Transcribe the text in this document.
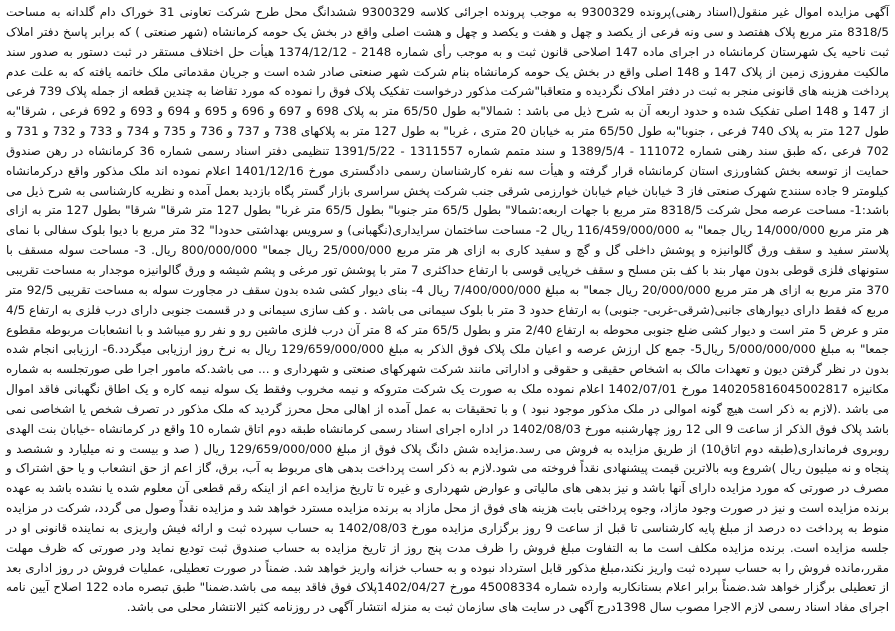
آگهی مزایده اموال غیر منقول(اسناد رهنی)پرونده 9300329 به موجب پرونده اجرائی کلاسه 9300329 ششدانگ محل طرح شرکت تعاونی 31 خوراک دام گلدانه به مساحت 8318/5 متر مربع پلاک هفتصد و سی ونه فرعی از یکصد و چهل و هفت و یکصد و چهل و هشت اصلی واقع در بخش یک حومه کرمانشاه (شهر صنعتی ) که برابر پاسخ دفتر املاک ثبت ناحیه یک شهرستان کرمانشاه در اجرای ماده 147 اصلاحی قانون ثبت و به موجب رأی شماره 2148 - 1374/12/12 هیأت حل اختلاف مستقر در ثبت دستور به صدور سند مالکیت مفروزی زمین از پلاک 147 و 148 اصلی واقع در بخش یک حومه کرمانشاه بنام شرکت شهر صنعتی صادر شده است و جریان مقدماتی ملک خاتمه یافته که به علت عدم پرداخت هزینه های قانونی منجر به ثبت در دفتر املاک نگردیده و متعاقبا"شرکت مذکور درخواست تفکیک پلاک فوق را نموده که مورد تقاضا به چندین قطعه از جمله پلاک 739 فرعی از 147 و 148 اصلی تفکیک شده و حدود اربعه آن به شرح ذیل می باشد : شمالا"به طول 65/50 متر به پلاک 698 و 697 و 696 و 695 و 694 و 693 و 692 فرعی ، شرقا"به طول 127 متر به پلاک 740 فرعی ، جنوبا"به طول 65/50 متر به خیابان 20 متری ، غربا" به طول 127 متر به پلاکهای 738 و 737 و 736 و 735 و 734 و 733 و 732 و 731 و 702 فرعی ،که طبق سند رهنی شماره 111072 - 1389/5/4 و سند متمم شماره 1311557 - 1391/5/22 تنظیمی دفتر اسناد رسمی شماره 36 کرمانشاه در رهن صندوق حمایت از توسعه بخش کشاورزی استان کرمانشاه قرار گرفته و هیأت سه نفره کارشناسان رسمی دادگستری مورخ 1401/12/16 اعلام نموده اند ملک مذکور واقع درکرمانشاه کیلومتر 9 جاده سنندج شهرک صنعتی فاز 3 خیابان خیام خیابان خوارزمی شرقی جنب شرکت پخش سراسری بازار گستر پگاه بازدید بعمل آمده و نظریه کارشناسی به شرح ذیل می باشد:1- مساحت عرصه محل شرکت 8318/5 متر مربع با جهات اربعه:شمالا" بطول 65/5 متر جنوبا" بطول 65/5 متر غربا" بطول 127 متر شرقا" شرقا" بطول 127 متر به ازای هر متر مربع 14/000/000 ریال جمعا" به 116/459/000/000 ریال 2- مساحت ساختمان سرایداری(نگهبانی) و سرویس بهداشتی حدودا" 32 متر مربع با دیوا بلوک سفالی با نمای پلاستر سفید و سقف ورق گالوانیزه و پوشش داخلی گل و گچ و سفید کاری به ازای هر متر مربع 25/000/000 ریال جمعا" 800/000/000 ریال. 3- مساحت سوله مسقف با ستونهای فلزی قوطی بدون مهار بند با کف بتن مسلح و سقف خرپایی قوسی با ارتفاع حداکثری 7 متر با پوشش تور مرغی و پشم شیشه و ورق گالوانیزه موجدار به مساحت تقریبی 370 متر مربع به ازای هر متر مربع 20/000/000 ریال جمعا" به مبلغ 7/400/000/000 ریال 4- بنای دیوار کشی شده بدون سقف در مجاورت سوله به مساحت تقریبی 92/5 متر مربع که فقط دارای دیوارهای جانبی(شرقی-غربی- جنوبی) به ارتفاع حدود 3 متر با بلوک سیمانی می باشد . و کف سازی سیمانی و در قسمت جنوبی دارای درب فلزی به ارتفاع 4/5 متر و عرض 5 متر است و دیوار کشی ضلع جنوبی محوطه به ارتفاع 2/40 متر و بطول 65/5 متر که 8 متر آن درب فلزی ماشین رو و نفر رو میباشد و با انشعابات مربوطه مقطوع جمعا" به مبلغ 5/000/000/000 ریال5- جمع کل ارزش عرصه و اعیان ملک پلاک فوق الذکر به مبلغ 129/659/000/000 ریال به نرخ روز ارزیابی میگردد.6- ارزیابی انجام شده بدون در نظر گرفتن دیون و تعهدات مالک به اشخاص حقیقی و حقوقی و اداراتی مانند شرکت شهرکهای صنعتی و شهرداری و ... می باشد.که مامور اجرا طی صورتجلسه به شماره مکانیزه 140205816045002817 مورخ 1402/07/01 اعلام نموده ملک به صورت یک شرکت متروکه و نیمه مخروب وفقط یک سوله نیمه کاره و یک اطاق نگهبانی فاقد اموال می باشد .(لازم به ذکر است هیچ گونه اموالی در ملک مذکور موجود نبود ) و با تحقیقات به عمل آمده از اهالی محل محرز گردید که ملک مذکور در تصرف شخص یا اشخاصی نمی باشد پلاک فوق الذکر از ساعت 9 الی 12 روز چهارشنبه مورخ 1402/08/03 در اداره اجرای اسناد رسمی کرمانشاه طبقه دوم اتاق شماره 10 واقع در کرمانشاه -خیابان بنت الهدی روبروی فرمانداری(طبقه دوم اتاق10) از طریق مزایده به فروش می رسد.مزایده شش دانگ پلاک فوق از مبلغ 129/659/000/000 ریال ( صد و بیست و نه میلیارد و ششصد و پنجاه و نه میلیون ریال )شروع وبه بالاترین قیمت پیشنهادی نقداً فروخته می شود.لازم به ذکر است پرداخت بدهی های مربوط به آب، برق، گاز اعم از حق انشعاب و یا حق اشتراک و مصرف در صورتی که مورد مزایده دارای آنها باشد و نیز بدهی های مالیاتی و عوارض شهرداری و غیره تا تاریخ مزایده اعم از اینکه رقم قطعی آن معلوم شده یا نشده باشد به عهده برنده مزایده است و نیز در صورت وجود مازاد، وجوه پرداختی بابت هزینه های فوق از محل مازاد به برنده مزایده مسترد خواهد شد و مزایده نقداً وصول می گردد، شرکت در مزایده منوط به پرداخت ده درصد از مبلغ پایه کارشناسی تا قبل از ساعت 9 روز برگزاری مزایده مورخ 1402/08/03 به حساب سپرده ثبت و ارائه فیش واریزی به نماینده قانونی او در جلسه مزایده است. برنده مزایده مکلف است ما به التفاوت مبلغ فروش را ظرف مدت پنج روز از تاریخ مزایده به حساب صندوق ثبت تودیع نماید ودر صورتی که ظرف مهلت مقرر،مانده فروش را به حساب سپرده ثبت واریز نکند،مبلغ مذکور قابل استرداد نبوده و به حساب خزانه واریز خواهد شد. ضمناً در صورت تعطیلی، عملیات فروش در روز اداری بعد از تعطیلی برگزار خواهد شد.ضمناً برابر اعلام بستانکاربه وارده شماره 45008334 مورخ 1402/04/27پلاک فوق فاقد بیمه می باشد.ضمنا" طبق تبصره ماده 122 اصلاح آیین نامه اجرای مفاد اسناد رسمی لازم الاجرا مصوب سال 1398درج آگهی در سایت های سازمان ثبت به منزله انتشار آگهی در روزنامه کثیر الانتشار محلی می باشد.
